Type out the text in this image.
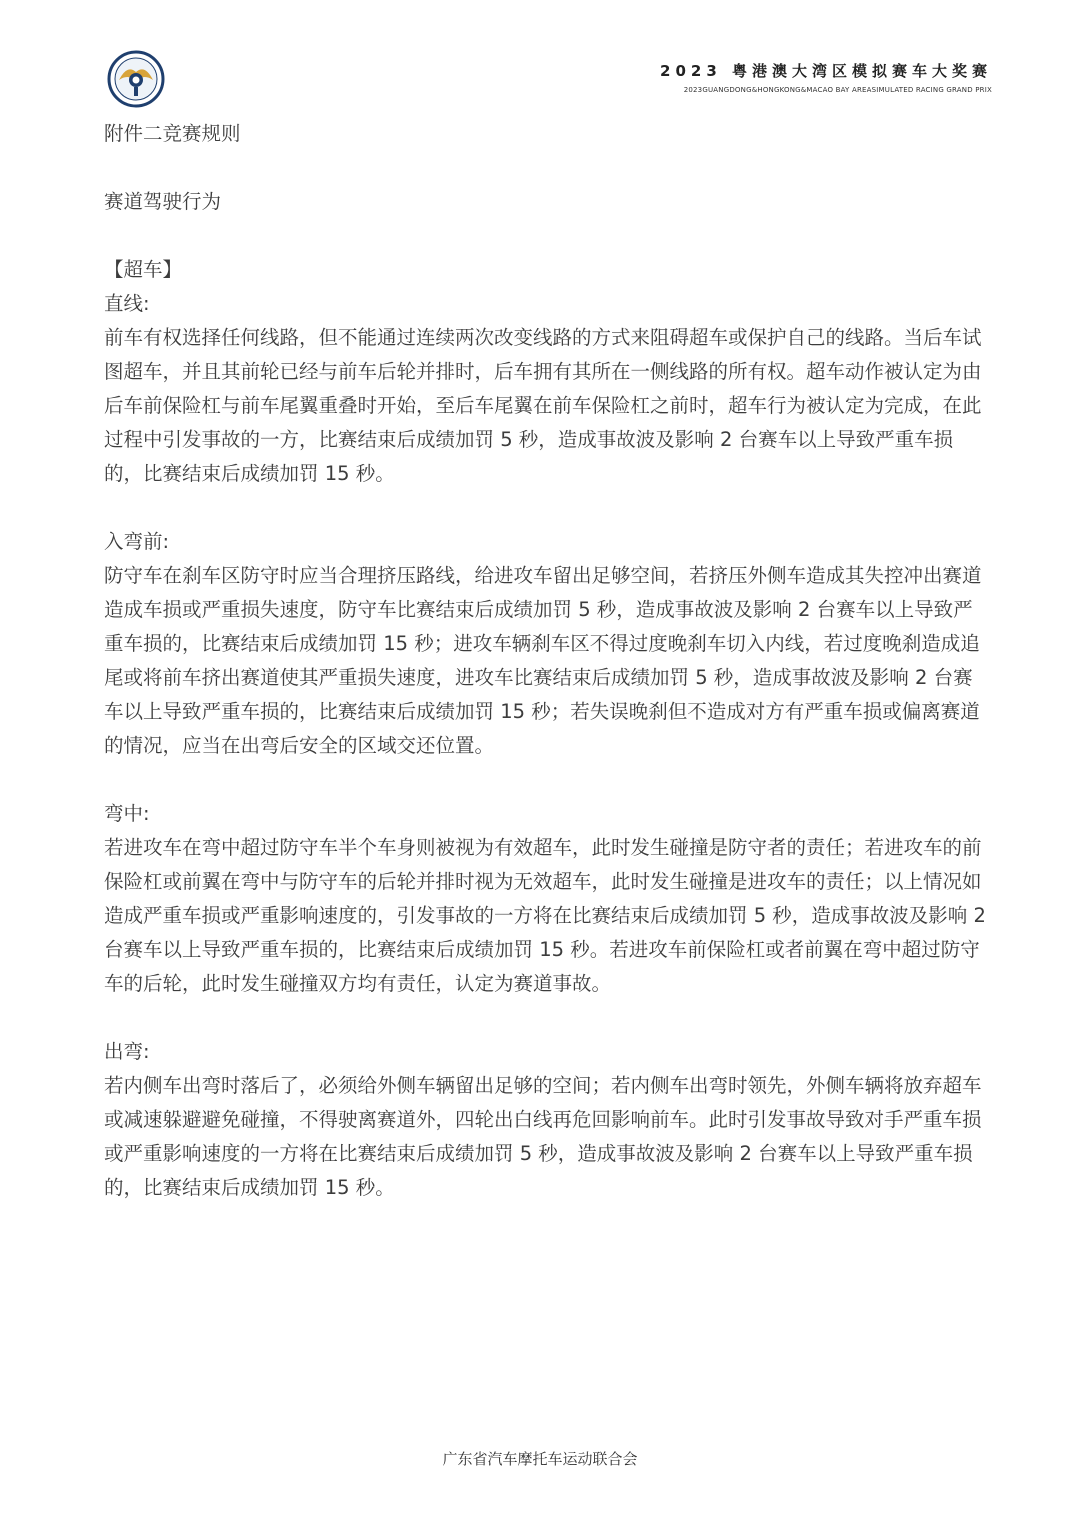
2023 粤港澳大湾区模拟赛车大奖赛
2023GUANGDONG&HONGKONG&MACAO BAY AREASIMULATED RACING GRAND PRIX

附件二竞赛规则

赛道驾驶行为

【超车】

直线:

前车有权选择任何线路，但不能通过连续两次改变线路的方式来阻碍超车或保护自己的线路。当后车试图超车，并且其前轮已经与前车后轮并排时，后车拥有其所在一侧线路的所有权。超车动作被认定为由后车前保险杠与前车尾翼重叠时开始，至后车尾翼在前车保险杠之前时，超车行为被认定为完成，在此过程中引发事故的一方，比赛结束后成绩加罚 5 秒，造成事故波及影响 2 台赛车以上导致严重车损的，比赛结束后成绩加罚 15 秒。

入弯前:

防守车在刹车区防守时应当合理挤压路线，给进攻车留出足够空间，若挤压外侧车造成其失控冲出赛道造成车损或严重损失速度，防守车比赛结束后成绩加罚 5 秒，造成事故波及影响 2 台赛车以上导致严重车损的，比赛结束后成绩加罚 15 秒；进攻车辆刹车区不得过度晚刹车切入内线，若过度晚刹造成追尾或将前车挤出赛道使其严重损失速度，进攻车比赛结束后成绩加罚 5 秒，造成事故波及影响 2 台赛车以上导致严重车损的，比赛结束后成绩加罚 15 秒；若失误晚刹但不造成对方有严重车损或偏离赛道的情况，应当在出弯后安全的区域交还位置。

弯中:

若进攻车在弯中超过防守车半个车身则被视为有效超车，此时发生碰撞是防守者的责任；若进攻车的前保险杠或前翼在弯中与防守车的后轮并排时视为无效超车，此时发生碰撞是进攻车的责任；以上情况如造成严重车损或严重影响速度的，引发事故的一方将在比赛结束后成绩加罚 5 秒，造成事故波及影响 2 台赛车以上导致严重车损的，比赛结束后成绩加罚 15 秒。若进攻车前保险杠或者前翼在弯中超过防守车的后轮，此时发生碰撞双方均有责任，认定为赛道事故。

出弯:

若内侧车出弯时落后了，必须给外侧车辆留出足够的空间；若内侧车出弯时领先，外侧车辆将放弃超车或减速躲避避免碰撞，不得驶离赛道外，四轮出白线再危回影响前车。此时引发事故导致对手严重车损或严重影响速度的一方将在比赛结束后成绩加罚 5 秒，造成事故波及影响 2 台赛车以上导致严重车损的，比赛结束后成绩加罚 15 秒。

广东省汽车摩托车运动联合会
